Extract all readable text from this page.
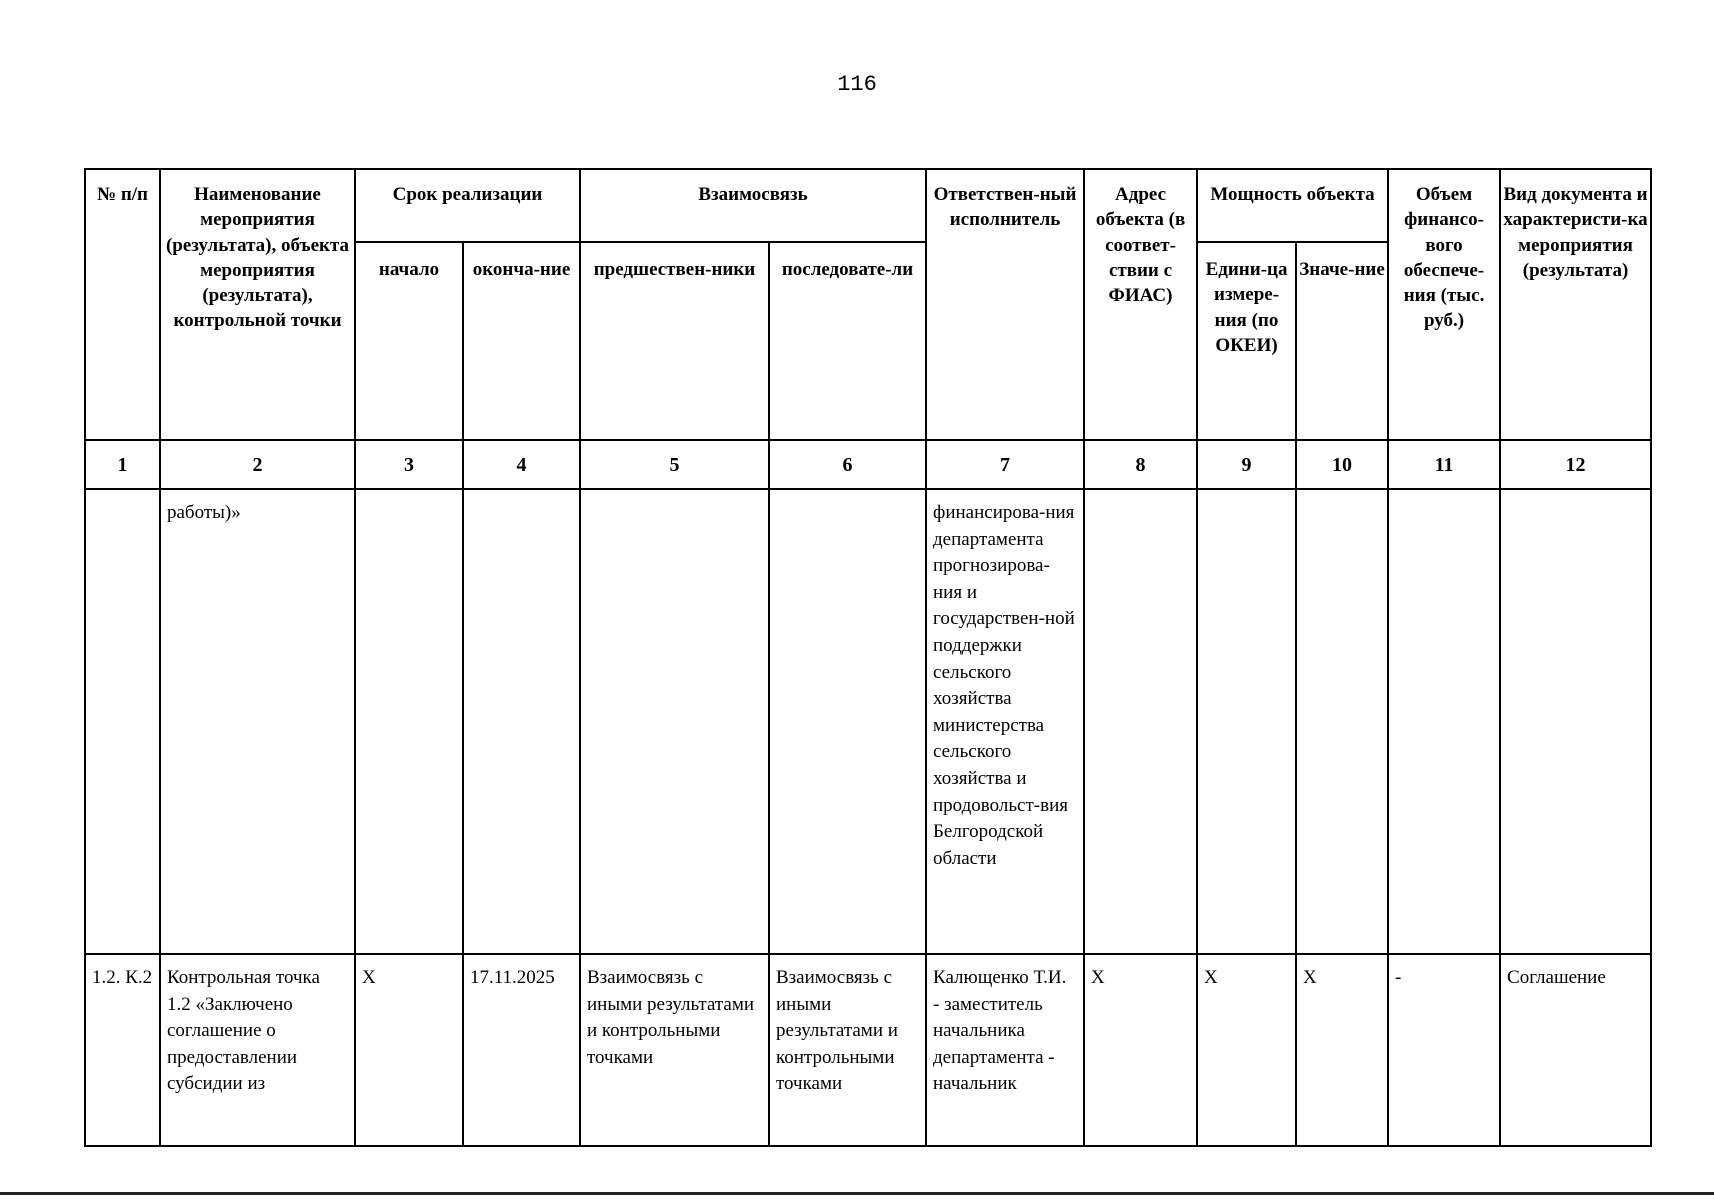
116
№ п/п	Наименование мероприятия (результата), объекта мероприятия (результата), контрольной точки	Срок реализации		Взаимосвязь		Ответствен-ный исполнитель	Адрес объекта (в соответ-ствии с ФИАС)	Мощность объекта		Объем финансо-вого обеспече-ния (тыс. руб.)	Вид документа и характеристи-ка мероприятия (результата)
		начало	оконча-ние	предшествен-ники	последовате-ли			Едини-ца измере-ния (по ОКЕИ)	Значе-ние		
1	2	3	4	5	6	7	8	9	10	11	12
	работы)»					финансирова-ния департамента прогнозирова-ния и государствен-ной поддержки сельского хозяйства министерства сельского хозяйства и продовольст-вия Белгородской области					
1.2. К.2	Контрольная точка 1.2 «Заключено соглашение о предоставлении субсидии из	Х	17.11.2025	Взаимосвязь с иными результатами и контрольными точками	Взаимосвязь с иными результатами и контрольными точками	Калющенко Т.И. - заместитель начальника департамента - начальник	Х	Х	Х	-	Соглашение
